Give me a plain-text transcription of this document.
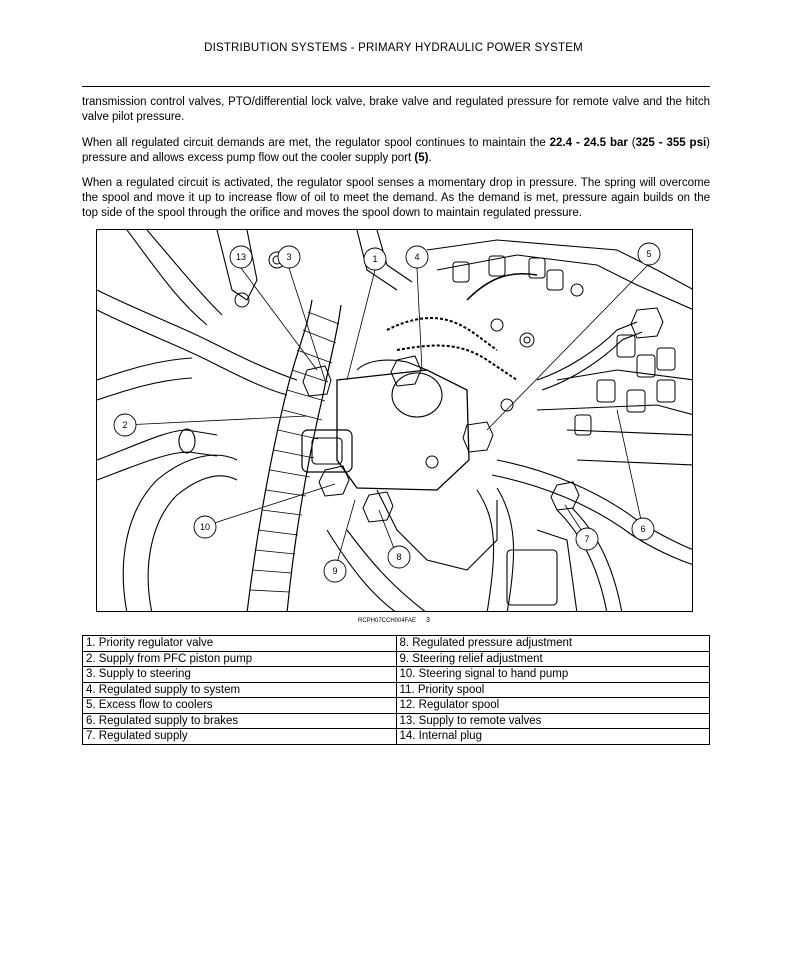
DISTRIBUTION SYSTEMS - PRIMARY HYDRAULIC POWER SYSTEM
transmission control valves, PTO/differential lock valve, brake valve and regulated pressure for remote valve and the hitch valve pilot pressure.
When all regulated circuit demands are met, the regulator spool continues to maintain the 22.4 - 24.5 bar (325 - 355 psi) pressure and allows excess pump flow out the cooler supply port (5).
When a regulated circuit is activated, the regulator spool senses a momentary drop in pressure. The spring will overcome the spool and move it up to increase flow of oil to meet the demand. As the demand is met, pressure again builds on the top side of the spool through the orifice and moves the spool down to maintain regulated pressure.
13	3	1	4	5
2
10
9
8
7
6
RCPH07CCH004FAE 3
1. Priority regulator valve	8. Regulated pressure adjustment
2. Supply from PFC piston pump	9. Steering relief adjustment
3. Supply to steering	10. Steering signal to hand pump
4. Regulated supply to system	11. Priority spool
5. Excess flow to coolers	12. Regulator spool
6. Regulated supply to brakes	13. Supply to remote valves
7. Regulated supply	14. Internal plug
